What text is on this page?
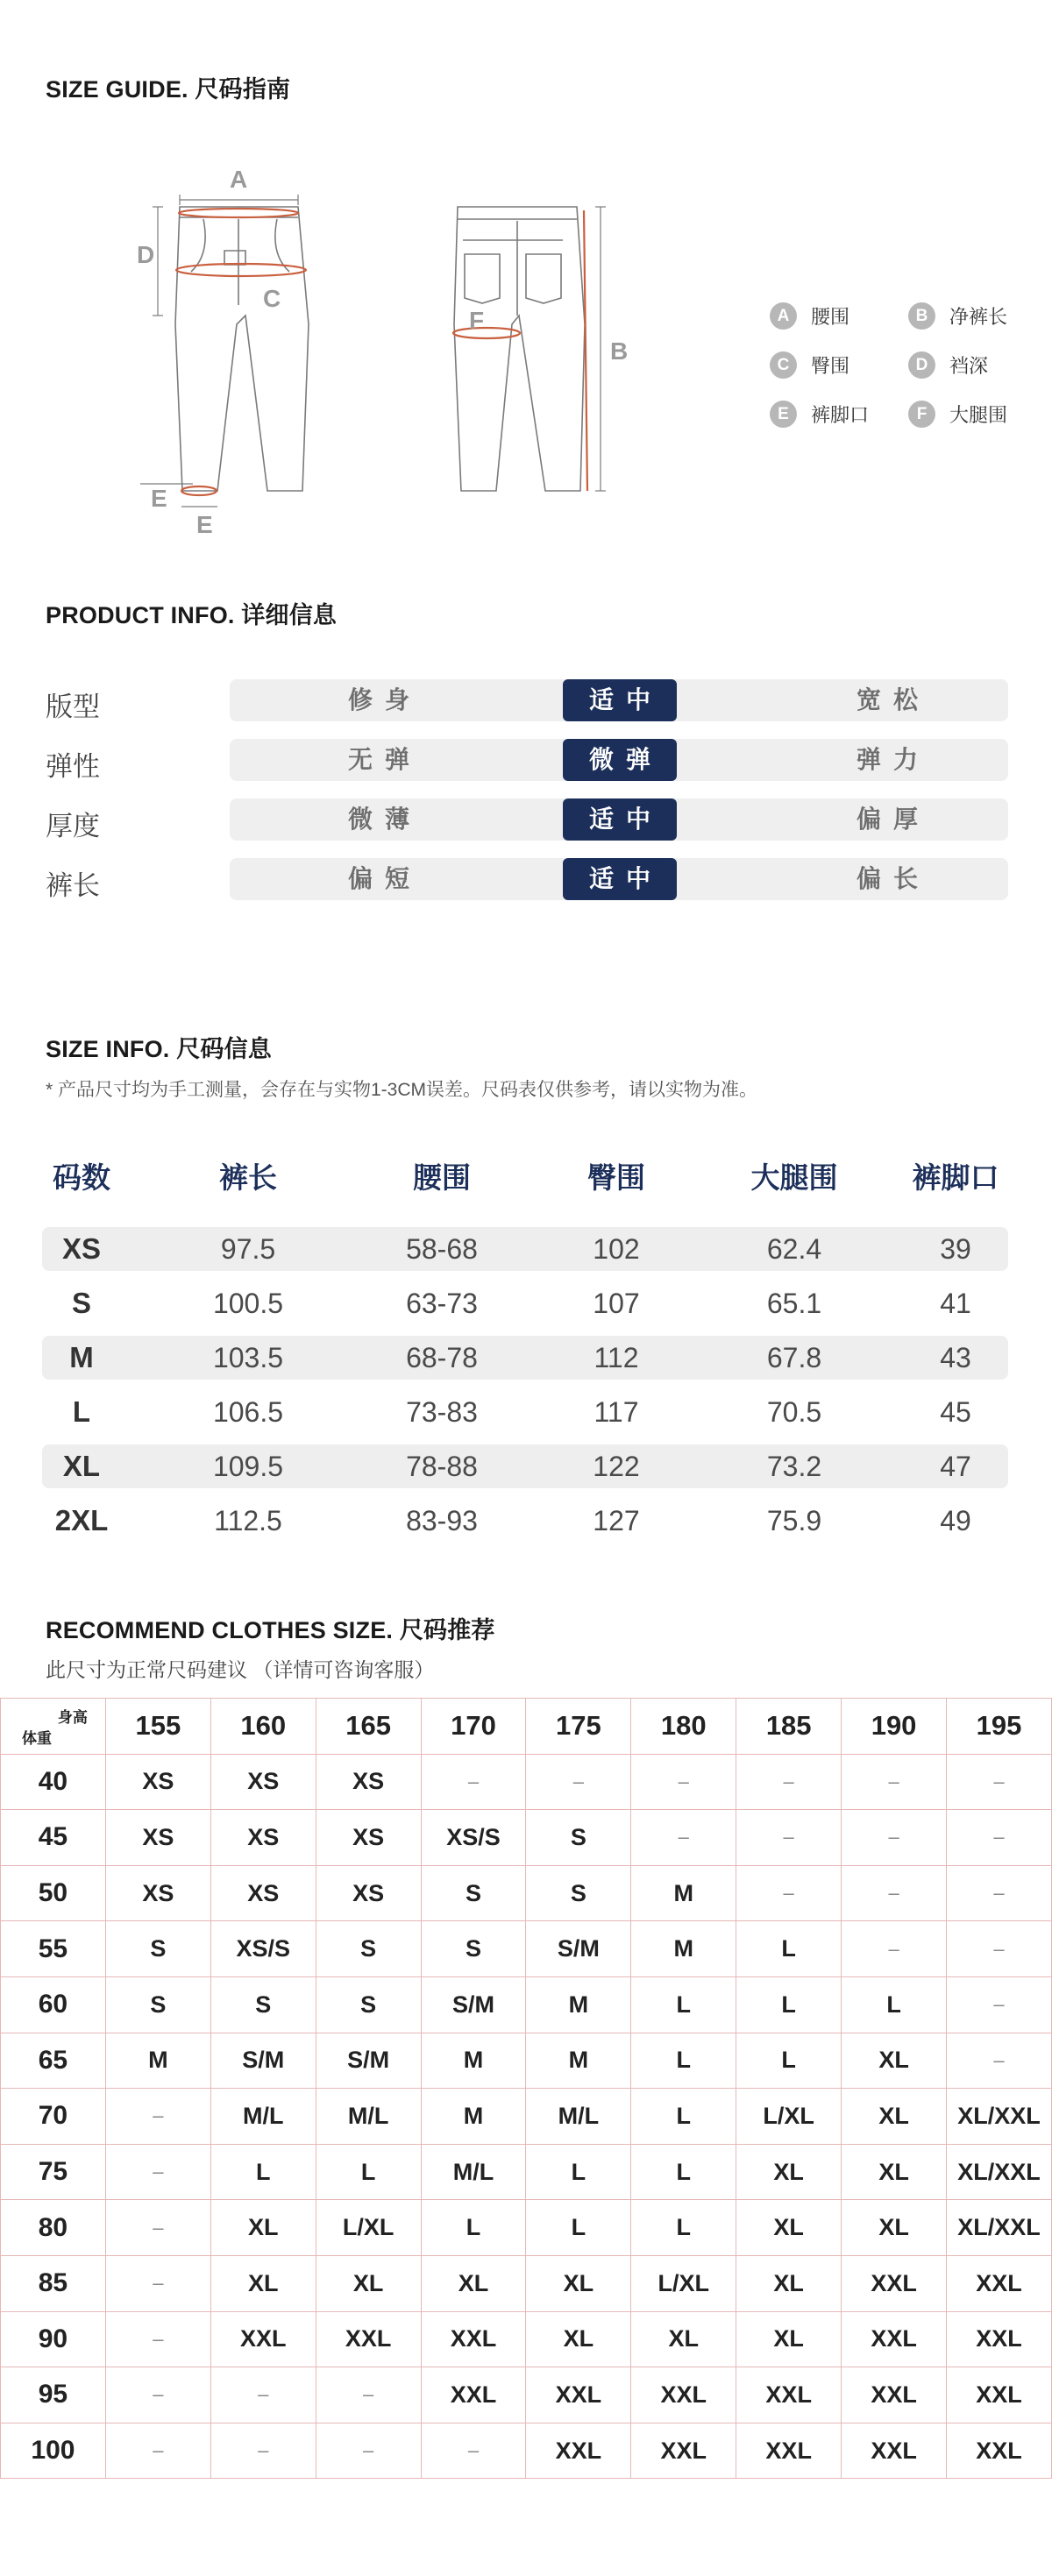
SIZE GUIDE. 尺码指南
A
B
C
D
E
E
F	A	腰围	B	净裤长
C	臀围	D	裆深
E	裤脚口	F	大腿围
PRODUCT INFO. 详细信息
版型	修身	适中	宽松
弹性	无弹	微弹	弹力
厚度	微薄	适中	偏厚
裤长	偏短	适中	偏长
SIZE INFO. 尺码信息
* 产品尺寸均为手工测量，会存在与实物1-3CM误差。尺码表仅供参考，请以实物为准。
码数	裤长	腰围	臀围	大腿围	裤脚口
XS	97.5	58-68	102	62.4	39
S	100.5	63-73	107	65.1	41
M	103.5	68-78	112	67.8	43
L	106.5	73-83	117	70.5	45
XL	109.5	78-88	122	73.2	47
2XL	112.5	83-93	127	75.9	49
RECOMMEND CLOTHES SIZE. 尺码推荐
此尺寸为正常尺码建议 （详情可咨询客服）
身高
体重	155	160	165	170	175	180	185	190	195
40	XS	XS	XS	–	–	–	–	–	–
45	XS	XS	XS	XS/S	S	–	–	–	–
50	XS	XS	XS	S	S	M	–	–	–
55	S	XS/S	S	S	S/M	M	L	–	–
60	S	S	S	S/M	M	L	L	L	–
65	M	S/M	S/M	M	M	L	L	XL	–
70	–	M/L	M/L	M	M/L	L	L/XL	XL	XL/XXL
75	–	L	L	M/L	L	L	XL	XL	XL/XXL
80	–	XL	L/XL	L	L	L	XL	XL	XL/XXL
85	–	XL	XL	XL	XL	L/XL	XL	XXL	XXL
90	–	XXL	XXL	XXL	XL	XL	XL	XXL	XXL
95	–	–	–	XXL	XXL	XXL	XXL	XXL	XXL
100	–	–	–	–	XXL	XXL	XXL	XXL	XXL
